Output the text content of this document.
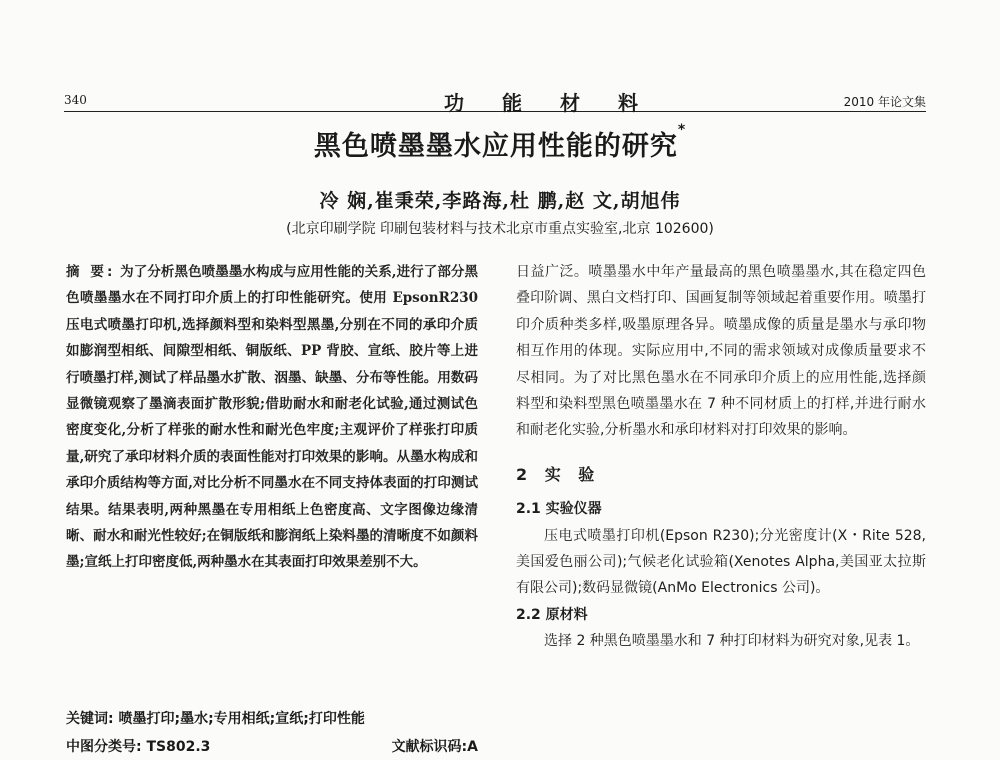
340	功能材料	2010 年论文集
黑色喷墨墨水应用性能的研究*
冷 娴,崔秉荣,李路海,杜 鹏,赵 文,胡旭伟
(北京印刷学院 印刷包装材料与技术北京市重点实验室,北京 102600)
摘 要: 为了分析黑色喷墨墨水构成与应用性能的关系,进行了部分黑色喷墨墨水在不同打印介质上的打印性能研究。使用 EpsonR230 压电式喷墨打印机,选择颜料型和染料型黑墨,分别在不同的承印介质如膨润型相纸、间隙型相纸、铜版纸、PP 背胶、宣纸、胶片等上进行喷墨打样,测试了样品墨水扩散、洇墨、缺墨、分布等性能。用数码显微镜观察了墨滴表面扩散形貌;借助耐水和耐老化试验,通过测试色密度变化,分析了样张的耐水性和耐光色牢度;主观评价了样张打印质量,研究了承印材料介质的表面性能对打印效果的影响。从墨水构成和承印介质结构等方面,对比分析不同墨水在不同支持体表面的打印测试结果。结果表明,两种黑墨在专用相纸上色密度高、文字图像边缘清晰、耐水和耐光性较好;在铜版纸和膨润纸上染料墨的清晰度不如颜料墨;宣纸上打印密度低,两种墨水在其表面打印效果差别不大。
关键词: 喷墨打印;墨水;专用相纸;宣纸;打印性能
中图分类号: TS802.3	文献标识码:A

日益广泛。喷墨墨水中年产量最高的黑色喷墨墨水,其在稳定四色叠印阶调、黑白文档打印、国画复制等领域起着重要作用。喷墨打印介质种类多样,吸墨原理各异。喷墨成像的质量是墨水与承印物相互作用的体现。实际应用中,不同的需求领域对成像质量要求不尽相同。为了对比黑色墨水在不同承印介质上的应用性能,选择颜料型和染料型黑色喷墨墨水在 7 种不同材质上的打样,并进行耐水和耐老化实验,分析墨水和承印材料对打印效果的影响。

2 实 验
2.1 实验仪器

压电式喷墨打印机(Epson R230);分光密度计(X・Rite 528,美国爱色丽公司);气候老化试验箱(Xenotes Alpha,美国亚太拉斯有限公司);数码显微镜(AnMo Electronics 公司)。

2.2 原材料

选择 2 种黑色喷墨墨水和 7 种打印材料为研究对象,见表 1。
